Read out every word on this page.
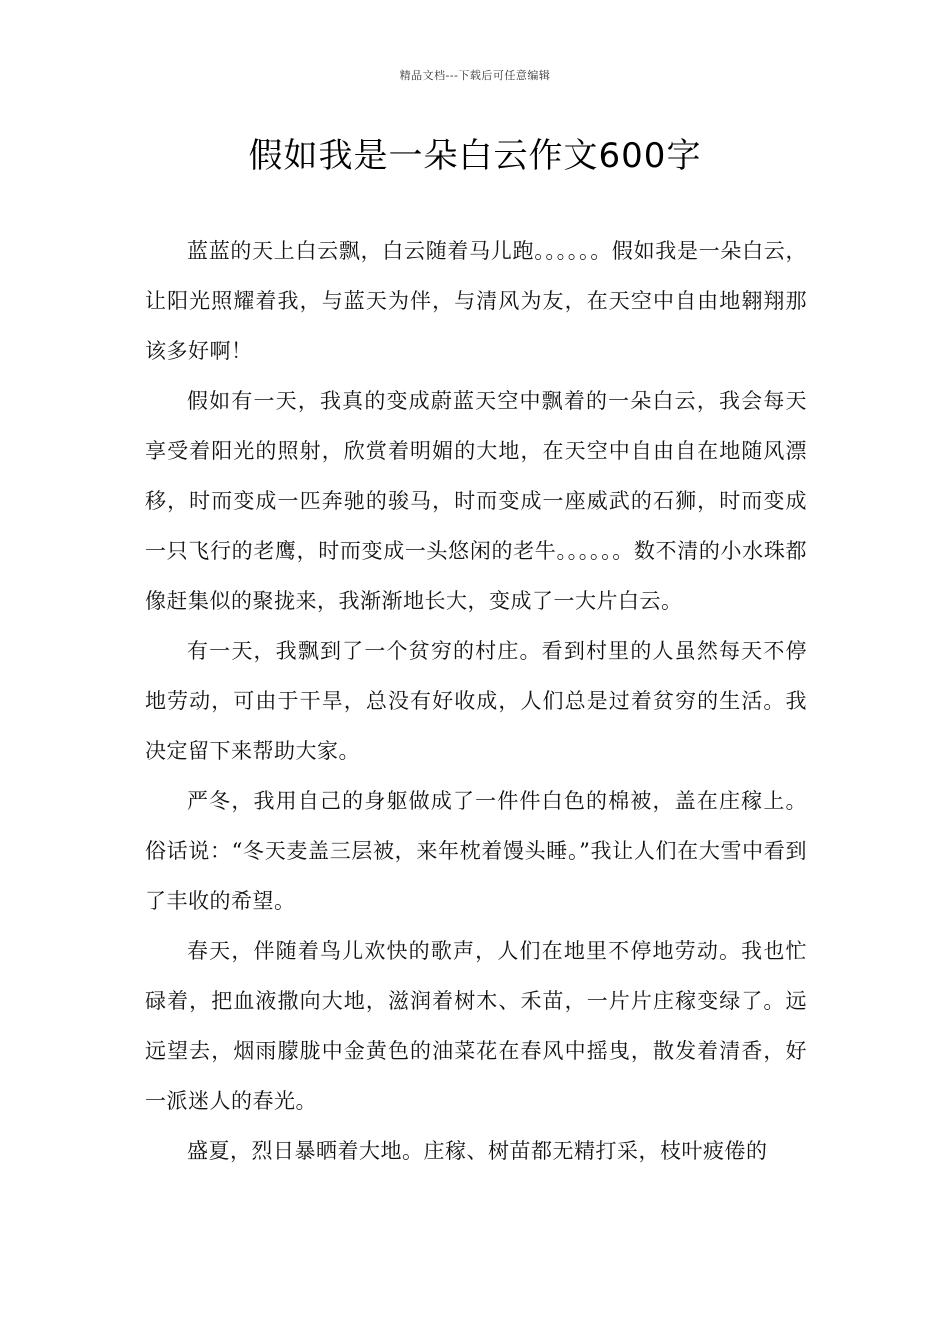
精品文档---下载后可任意编辑
假如我是一朵白云作文600字

蓝蓝的天上白云飘，白云随着马儿跑。。。。。。假如我是一朵白云，让阳光照耀着我，与蓝天为伴，与清风为友，在天空中自由地翱翔那该多好啊！

假如有一天，我真的变成蔚蓝天空中飘着的一朵白云，我会每天享受着阳光的照射，欣赏着明媚的大地，在天空中自由自在地随风漂移，时而变成一匹奔驰的骏马，时而变成一座威武的石狮，时而变成一只飞行的老鹰，时而变成一头悠闲的老牛。。。。。。数不清的小水珠都像赶集似的聚拢来，我渐渐地长大，变成了一大片白云。

有一天，我飘到了一个贫穷的村庄。看到村里的人虽然每天不停地劳动，可由于干旱，总没有好收成，人们总是过着贫穷的生活。我决定留下来帮助大家。

严冬，我用自己的身躯做成了一件件白色的棉被，盖在庄稼上。俗话说：“冬天麦盖三层被，来年枕着馒头睡。”我让人们在大雪中看到了丰收的希望。

春天，伴随着鸟儿欢快的歌声，人们在地里不停地劳动。我也忙碌着，把血液撒向大地，滋润着树木、禾苗，一片片庄稼变绿了。远远望去，烟雨朦胧中金黄色的油菜花在春风中摇曳，散发着清香，好一派迷人的春光。

盛夏，烈日暴晒着大地。庄稼、树苗都无精打采，枝叶疲倦的
